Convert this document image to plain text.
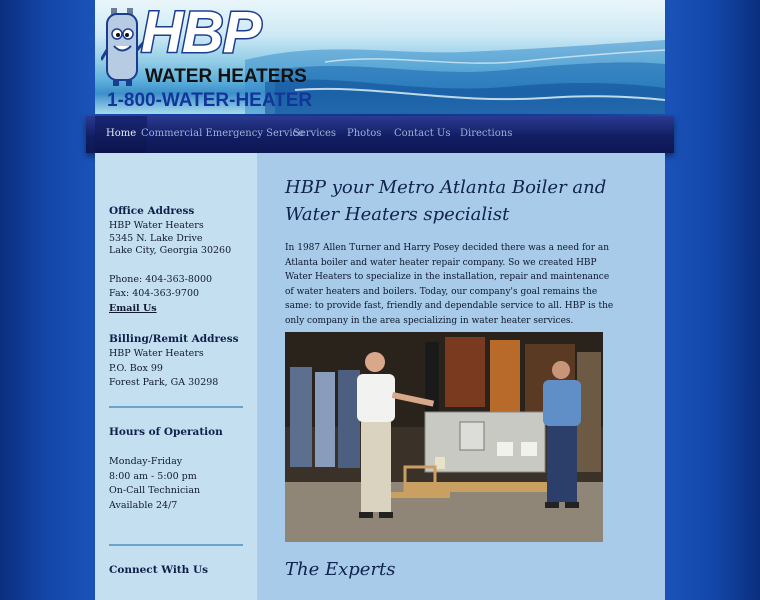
HBP
WATER HEATERS
1-800-WATER-HEATER
Home Commercial Emergency Service
Services Photos Contact Us Directions
Office Address
HBP Water Heaters
5345 N. Lake Drive
Lake City, Georgia 30260
Phone: 404-363-8000
Fax: 404-363-9700
Email Us
Billing/Remit Address
HBP Water Heaters
P.O. Box 99
Forest Park, GA 30298
Hours of Operation
Monday-Friday
8:00 am - 5:00 pm
On-Call Technician
Available 24/7
Connect With Us
HBP your Metro Atlanta Boiler and
Water Heaters specialist
In 1987 Allen Turner and Harry Posey decided there was a need for an Atlanta boiler and water heater repair company. So we created HBP Water Heaters to specialize in the installation, repair and maintenance of water heaters and boilers. Today, our company's goal remains the same: to provide fast, friendly and dependable service to all. HBP is the only company in the area specializing in water heater services.
The Experts
